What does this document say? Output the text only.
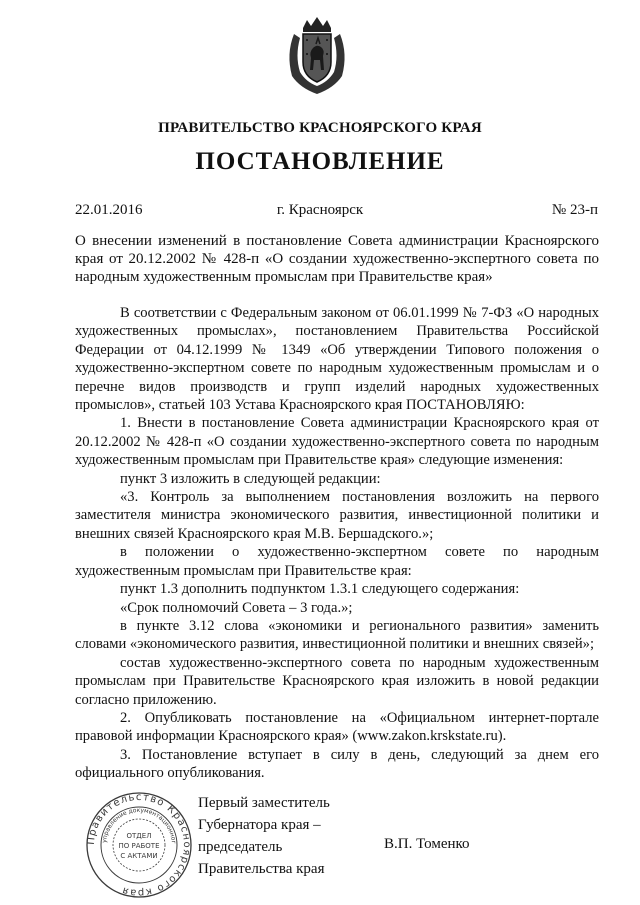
ПРАВИТЕЛЬСТВО КРАСНОЯРСКОГО КРАЯ
ПОСТАНОВЛЕНИЕ
22.01.2016	г. Красноярск	№ 23-п
О внесении изменений в постановление Совета администрации Красноярского края от 20.12.2002 № 428-п «О создании художественно-экспертного совета по народным художественным промыслам при Правительстве края»

В соответствии с Федеральным законом от 06.01.1999 № 7-ФЗ «О народных художественных промыслах», постановлением Правительства Российской Федерации от 04.12.1999 № 1349 «Об утверждении Типового положения о художественно-экспертном совете по народным художественным промыслам и о перечне видов производств и групп изделий народных художественных промыслов», статьей 103 Устава Красноярского края ПОСТАНОВЛЯЮ:

1. Внести в постановление Совета администрации Красноярского края от 20.12.2002 № 428-п «О создании художественно-экспертного совета по народным художественным промыслам при Правительстве края» следующие изменения:

пункт 3 изложить в следующей редакции:

«3. Контроль за выполнением постановления возложить на первого заместителя министра экономического развития, инвестиционной политики и внешних связей Красноярского края М.В. Бершадского.»;

в положении о художественно-экспертном совете по народным художественным промыслам при Правительстве края:

пункт 1.3 дополнить подпунктом 1.3.1 следующего содержания:

«Срок полномочий Совета – 3 года.»;

в пункте 3.12 слова «экономики и регионального развития» заменить словами «экономического развития, инвестиционной политики и внешних связей»;

состав художественно-экспертного совета по народным художественным промыслам при Правительстве Красноярского края изложить в новой редакции согласно приложению.

2. Опубликовать постановление на «Официальном интернет-портале правовой информации Красноярского края» (www.zakon.krskstate.ru).

3. Постановление вступает в силу в день, следующий за днем его официального опубликования.

Правительство Красноярского края
управление документационног
ОТДЕЛ
ПО РАБОТЕ
С АКТАМИ
Первый заместитель
Губернатора края –
председатель
Правительства края
В.П. Томенко
